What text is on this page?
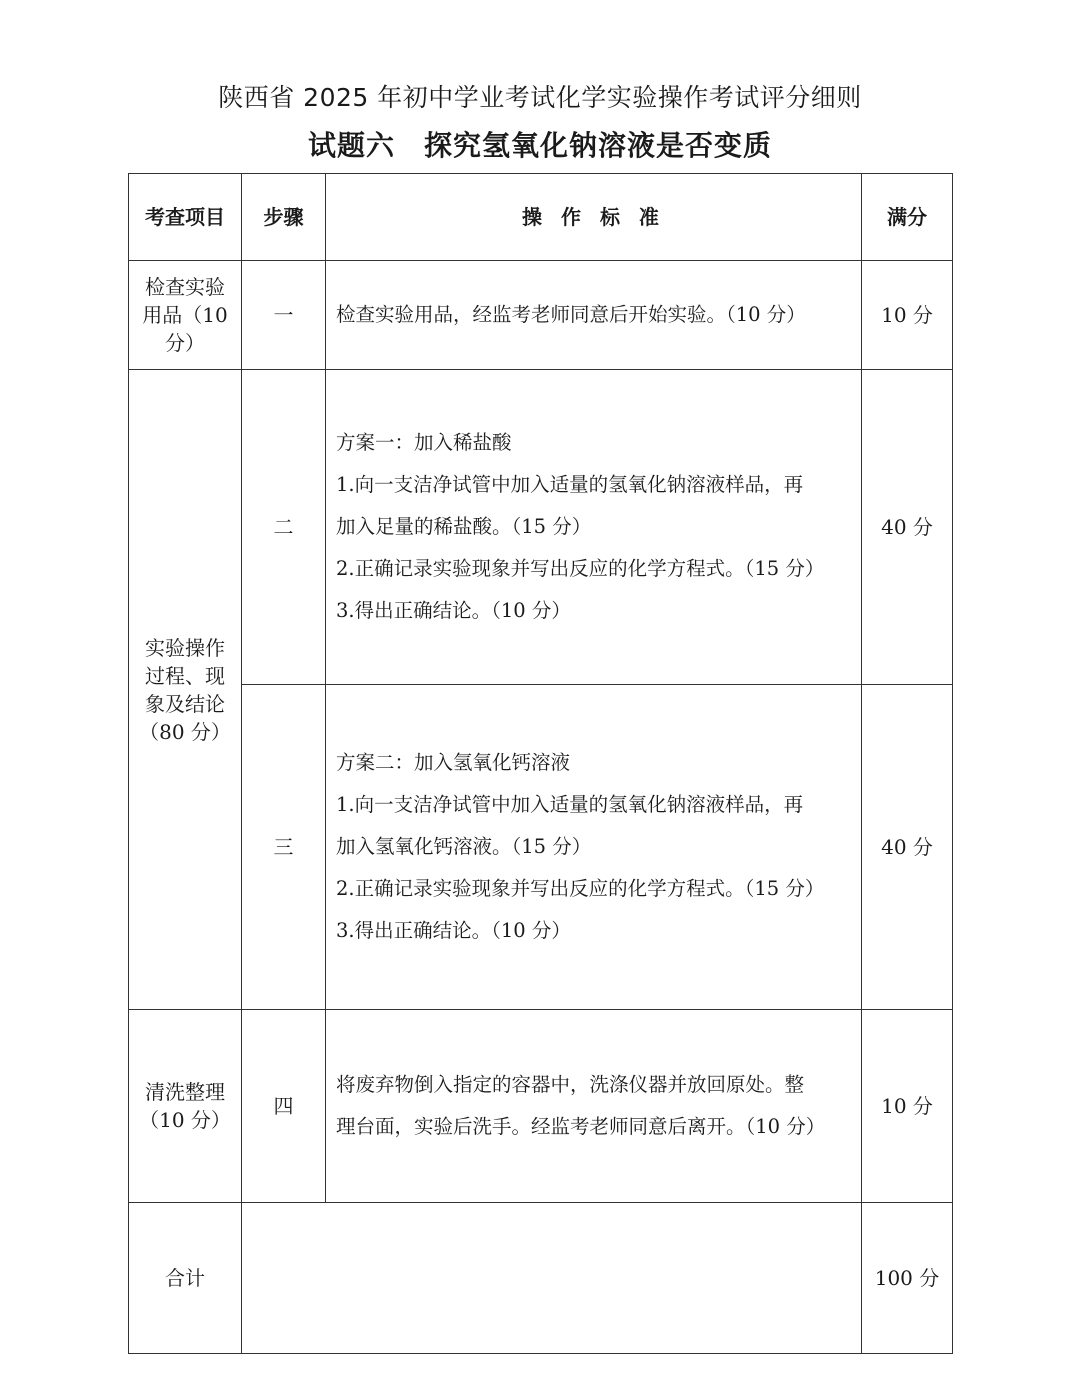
陕西省 2025 年初中学业考试化学实验操作考试评分细则
试题六　探究氢氧化钠溶液是否变质
考查项目	步骤	操 作 标 准	满分

检查实验用品（10 分）	一	检查实验用品，经监考老师同意后开始实验。（10 分）	10 分

实验操作过程、现象及结论（80 分）	二	方案一：加入稀盐酸
1.向一支洁净试管中加入适量的氢氧化钠溶液样品，再
加入足量的稀盐酸。（15 分）
2.正确记录实验现象并写出反应的化学方程式。（15 分）
3.得出正确结论。（10 分）	40 分
	三	方案二：加入氢氧化钙溶液
1.向一支洁净试管中加入适量的氢氧化钠溶液样品，再
加入氢氧化钙溶液。（15 分）
2.正确记录实验现象并写出反应的化学方程式。（15 分）
3.得出正确结论。（10 分）	40 分

清洗整理（10 分）	四	将废弃物倒入指定的容器中，洗涤仪器并放回原处。整
理台面，实验后洗手。经监考老师同意后离开。（10 分）	10 分
合计			100 分
